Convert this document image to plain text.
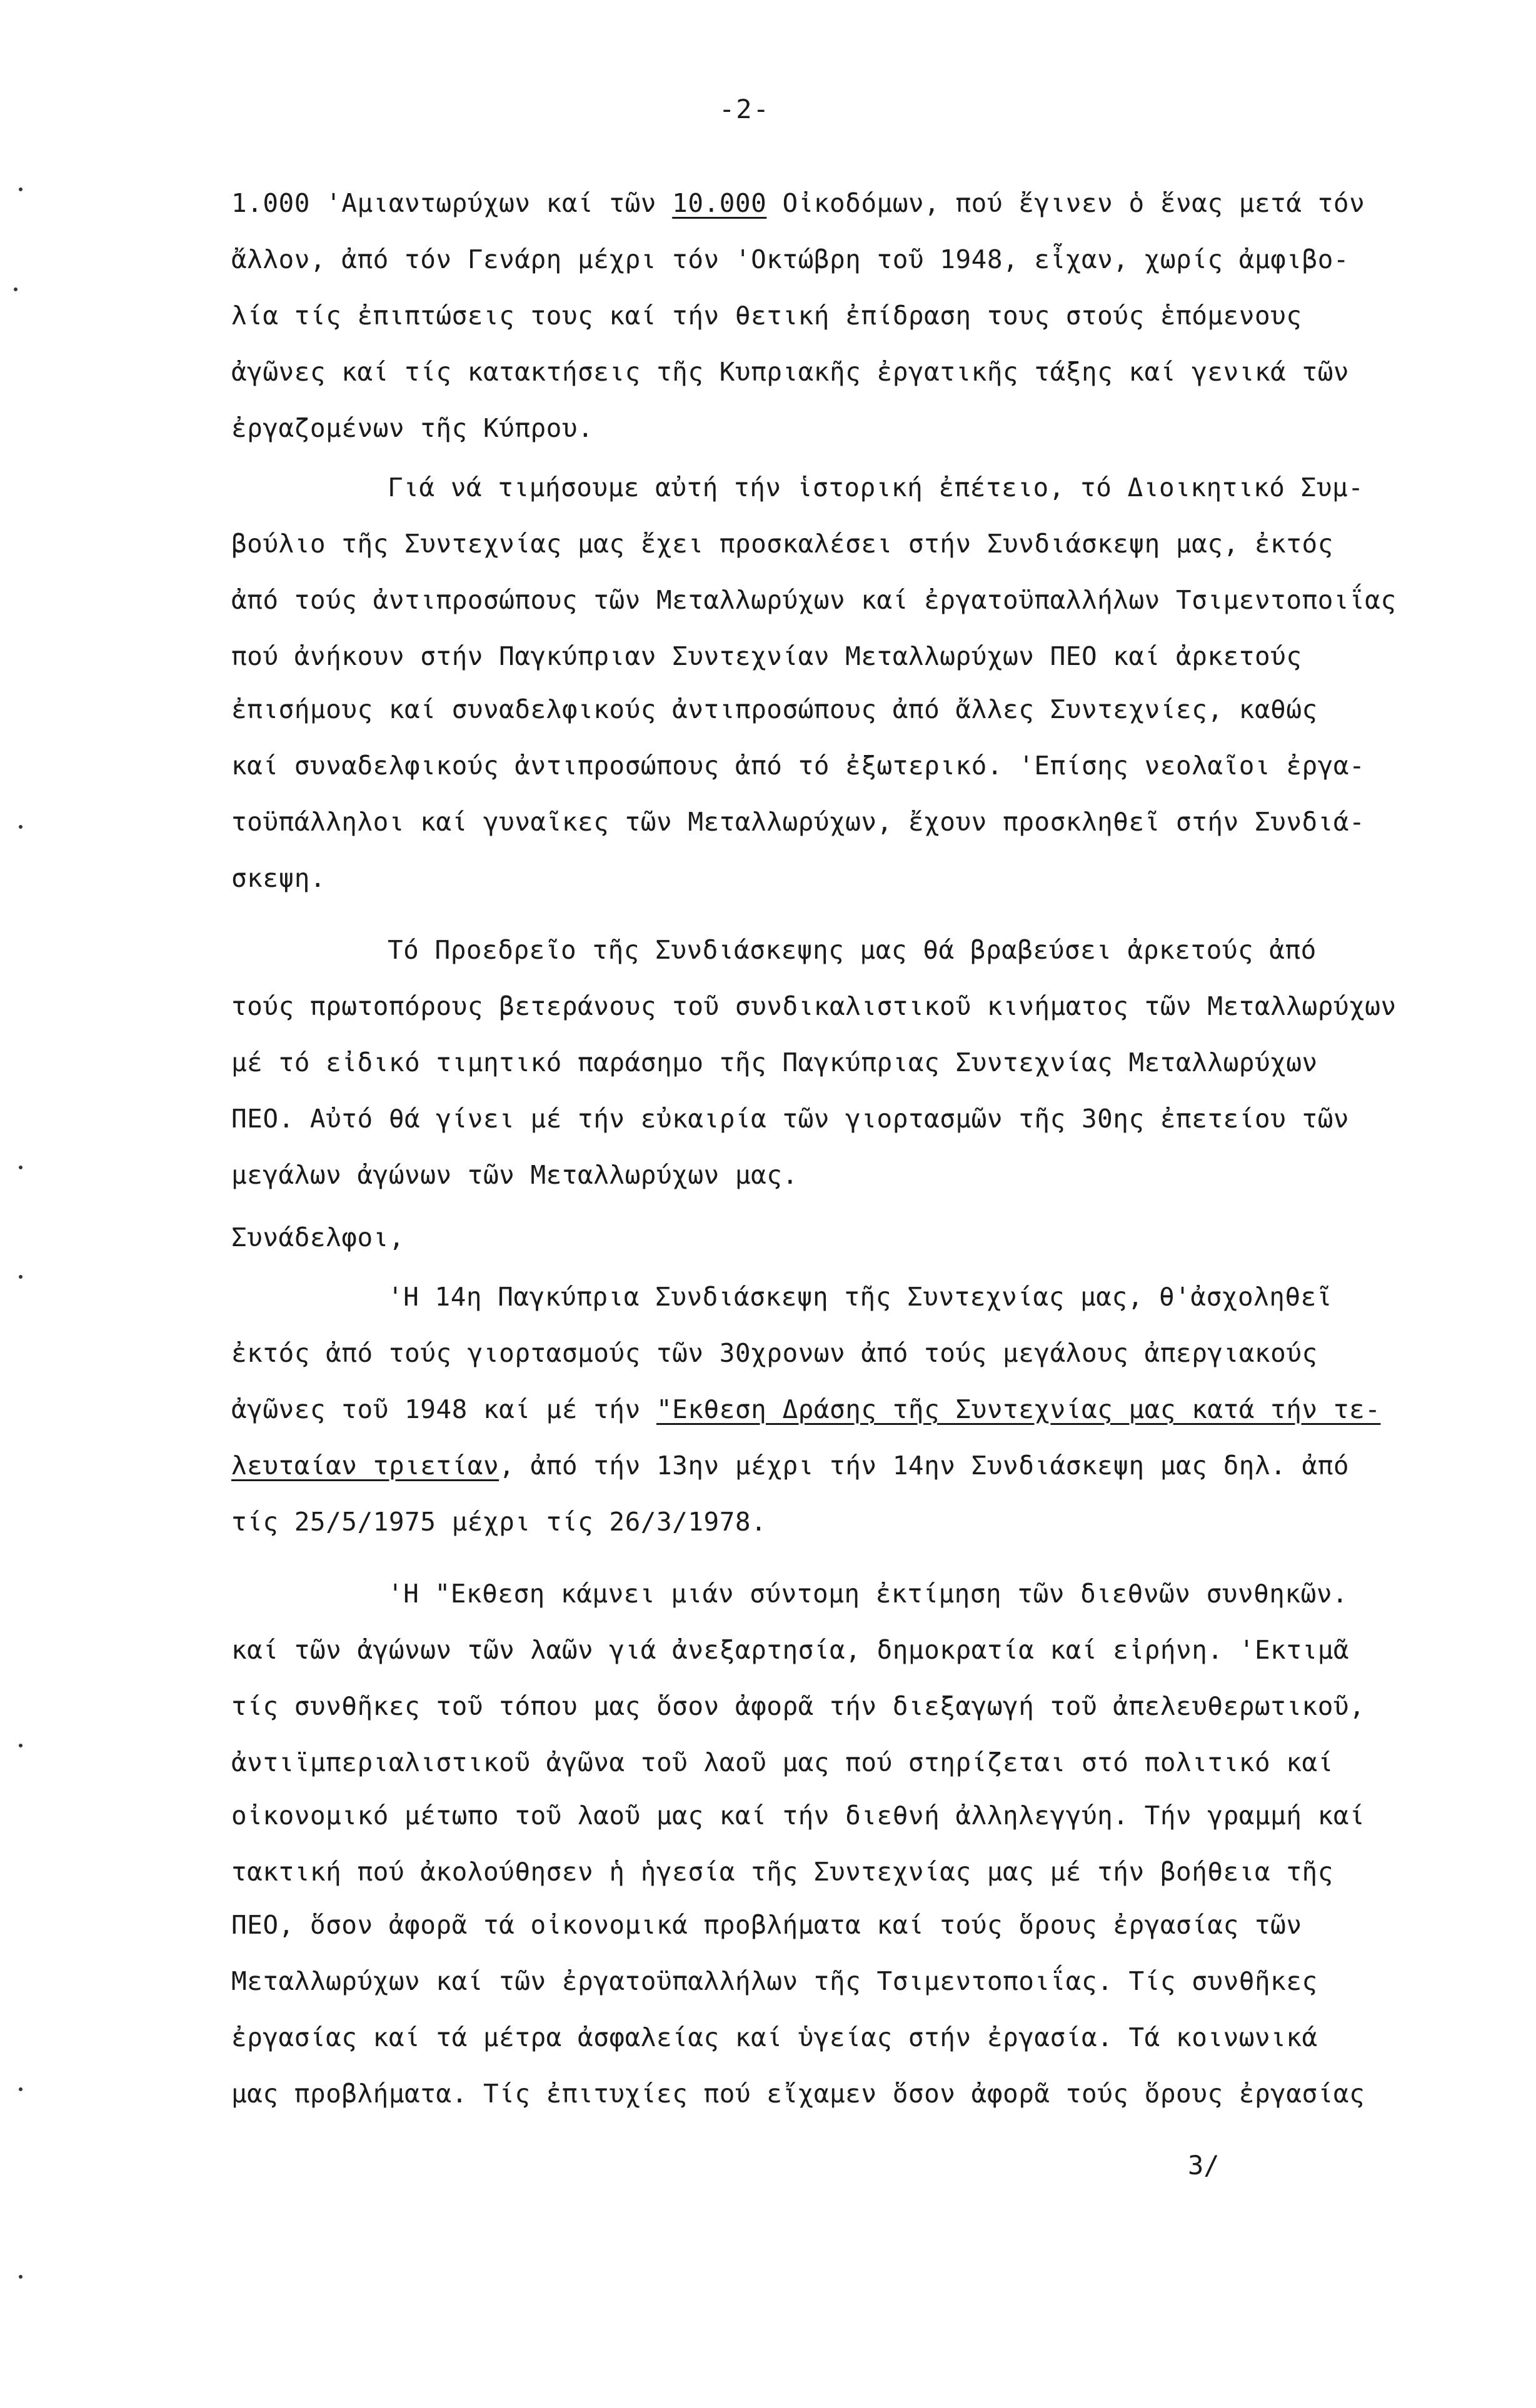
-2-
1.000 'Αμιαντωρύχων καί τῶν 10.000 Οἰκοδόμων, πού ἔγινεν ὁ ἕνας μετά τόν
ἄλλον, ἀπό τόν Γενάρη μέχρι τόν 'Οκτώβρη τοῦ 1948, εἶχαν, χωρίς ἀμφιβο-
λία τίς ἐπιπτώσεις τους καί τήν θετική ἐπίδραση τους στούς ἑπόμενους
ἀγῶνες καί τίς κατακτήσεις τῆς Κυπριακῆς ἐργατικῆς τάξης καί γενικά τῶν
ἐργαζομένων τῆς Κύπρου.
Γιά νά τιμήσουμε αὐτή τήν ἱστορική ἐπέτειο, τό Διοικητικό Συμ-
βούλιο τῆς Συντεχνίας μας ἔχει προσκαλέσει στήν Συνδιάσκεψη μας, ἐκτός
ἀπό τούς ἀντιπροσώπους τῶν Μεταλλωρύχων καί ἐργατοϋπαλλήλων Τσιμεντοποιΐας
πού ἀνήκουν στήν Παγκύπριαν Συντεχνίαν Μεταλλωρύχων ΠΕΟ καί ἀρκετούς
ἐπισήμους καί συναδελφικούς ἀντιπροσώπους ἀπό ἄλλες Συντεχνίες, καθώς
καί συναδελφικούς ἀντιπροσώπους ἀπό τό ἐξωτερικό. 'Επίσης νεολαῖοι ἐργα-
τοϋπάλληλοι καί γυναῖκες τῶν Μεταλλωρύχων, ἔχουν προσκληθεῖ στήν Συνδιά-
σκεψη.
Τό Προεδρεῖο τῆς Συνδιάσκεψης μας θά βραβεύσει ἀρκετούς ἀπό
τούς πρωτοπόρους βετεράνους τοῦ συνδικαλιστικοῦ κινήματος τῶν Μεταλλωρύχων
μέ τό εἰδικό τιμητικό παράσημο τῆς Παγκύπριας Συντεχνίας Μεταλλωρύχων
ΠΕΟ. Αὐτό θά γίνει μέ τήν εὐκαιρία τῶν γιορτασμῶν τῆς 30ης ἐπετείου τῶν
μεγάλων ἀγώνων τῶν Μεταλλωρύχων μας.
Συνάδελφοι,
'Η 14η Παγκύπρια Συνδιάσκεψη τῆς Συντεχνίας μας, θ'ἀσχοληθεῖ
ἐκτός ἀπό τούς γιορτασμούς τῶν 30χρονων ἀπό τούς μεγάλους ἀπεργιακούς
ἀγῶνες τοῦ 1948 καί μέ τήν "Εκθεση Δράσης τῆς Συντεχνίας μας κατά τήν τε-
λευταίαν τριετίαν, ἀπό τήν 13ην μέχρι τήν 14ην Συνδιάσκεψη μας δηλ. ἀπό
τίς 25/5/1975 μέχρι τίς 26/3/1978.
'Η "Εκθεση κάμνει μιάν σύντομη ἐκτίμηση τῶν διεθνῶν συνθηκῶν.
καί τῶν ἀγώνων τῶν λαῶν γιά ἀνεξαρτησία, δημοκρατία καί εἰρήνη. 'Εκτιμᾶ
τίς συνθῆκες τοῦ τόπου μας ὅσον ἀφορᾶ τήν διεξαγωγή τοῦ ἀπελευθερωτικοῦ,
ἀντιϊμπεριαλιστικοῦ ἀγῶνα τοῦ λαοῦ μας πού στηρίζεται στό πολιτικό καί
οἰκονομικό μέτωπο τοῦ λαοῦ μας καί τήν διεθνή ἀλληλεγγύη. Τήν γραμμή καί
τακτική πού ἀκολούθησεν ἡ ἡγεσία τῆς Συντεχνίας μας μέ τήν βοήθεια τῆς
ΠΕΟ, ὅσον ἀφορᾶ τά οἰκονομικά προβλήματα καί τούς ὅρους ἐργασίας τῶν
Μεταλλωρύχων καί τῶν ἐργατοϋπαλλήλων τῆς Τσιμεντοποιΐας. Τίς συνθῆκες
ἐργασίας καί τά μέτρα ἀσφαλείας καί ὑγείας στήν ἐργασία. Τά κοινωνικά
μας προβλήματα. Τίς ἐπιτυχίες πού εἴχαμεν ὅσον ἀφορᾶ τούς ὅρους ἐργασίας
3/
